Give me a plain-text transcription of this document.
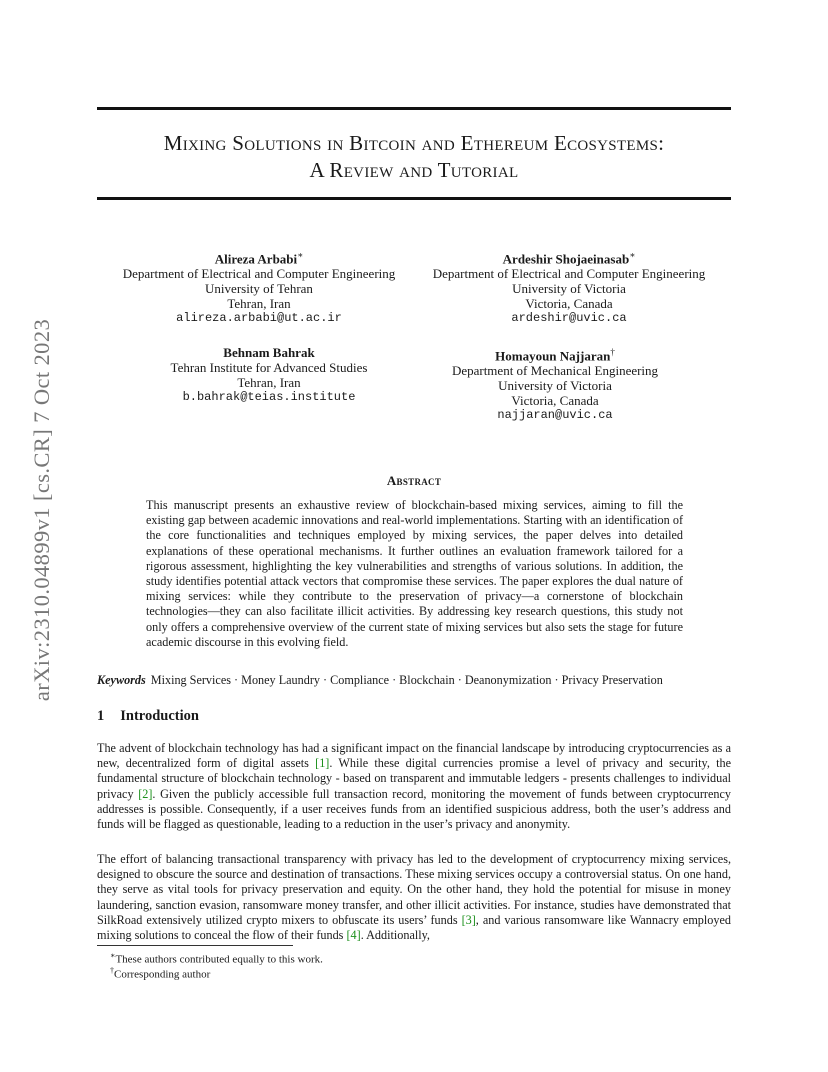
arXiv:2310.04899v1 [cs.CR] 7 Oct 2023
Mixing Solutions in Bitcoin and Ethereum Ecosystems:
A Review and Tutorial
Alireza Arbabi∗
Department of Electrical and Computer Engineering
University of Tehran
Tehran, Iran
alireza.arbabi@ut.ac.ir
Ardeshir Shojaeinasab∗
Department of Electrical and Computer Engineering
University of Victoria
Victoria, Canada
ardeshir@uvic.ca
Behnam Bahrak
Tehran Institute for Advanced Studies
Tehran, Iran
b.bahrak@teias.institute
Homayoun Najjaran†
Department of Mechanical Engineering
University of Victoria
Victoria, Canada
najjaran@uvic.ca
Abstract

This manuscript presents an exhaustive review of blockchain-based mixing services, aiming to fill the existing gap between academic innovations and real-world implementations. Starting with an identification of the core functionalities and techniques employed by mixing services, the paper delves into detailed explanations of these operational mechanisms. It further outlines an evaluation framework tailored for a rigorous assessment, highlighting the key vulnerabilities and strengths of various solutions. In addition, the study identifies potential attack vectors that compromise these services. The paper explores the dual nature of mixing services: while they contribute to the preservation of privacy—a cornerstone of blockchain technologies—they can also facilitate illicit activities. By addressing key research questions, this study not only offers a comprehensive overview of the current state of mixing services but also sets the stage for future academic discourse in this evolving field.

Keywords Mixing Services · Money Laundry · Compliance · Blockchain · Deanonymization · Privacy Preservation
1 Introduction

The advent of blockchain technology has had a significant impact on the financial landscape by introducing cryptocurrencies as a new, decentralized form of digital assets [1]. While these digital currencies promise a level of privacy and security, the fundamental structure of blockchain technology - based on transparent and immutable ledgers - presents challenges to individual privacy [2]. Given the publicly accessible full transaction record, monitoring the movement of funds between cryptocurrency addresses is possible. Consequently, if a user receives funds from an identified suspicious address, both the user’s address and funds will be flagged as questionable, leading to a reduction in the user’s privacy and anonymity.

The effort of balancing transactional transparency with privacy has led to the development of cryptocurrency mixing services, designed to obscure the source and destination of transactions. These mixing services occupy a controversial status. On one hand, they serve as vital tools for privacy preservation and equity. On the other hand, they hold the potential for misuse in money laundering, sanction evasion, ransomware money transfer, and other illicit activities. For instance, studies have demonstrated that SilkRoad extensively utilized crypto mixers to obfuscate its users’ funds [3], and various ransomware like Wannacry employed mixing solutions to conceal the flow of their funds [4]. Additionally,

∗These authors contributed equally to this work.
†Corresponding author
